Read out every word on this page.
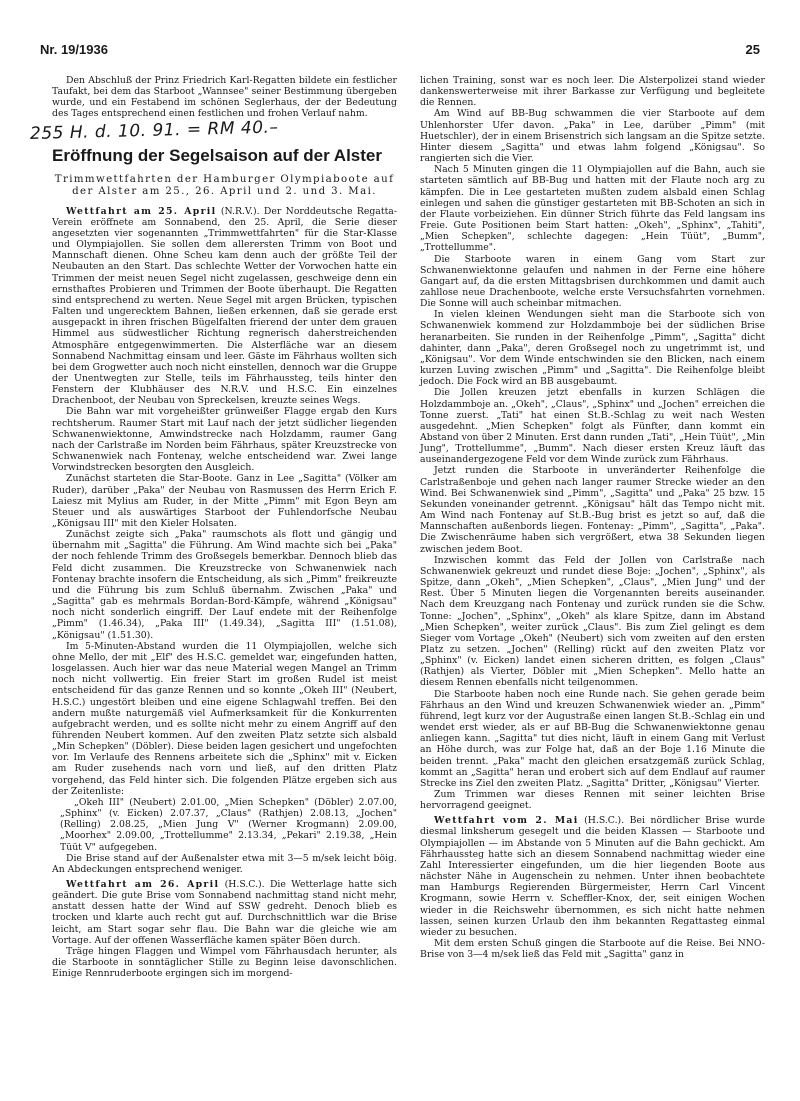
Nr. 19/1936	25

Den Abschluß der Prinz Friedrich Karl-Regatten bildete ein festlicher Taufakt, bei dem das Starboot „Wannsee" seiner Bestimmung übergeben wurde, und ein Festabend im schönen Seglerhaus, der der Bedeutung des Tages entsprechend einen festlichen und frohen Verlauf nahm.

255 H. d. 10. 91. = RM 40.–
Eröffnung der Segelsaison auf der Alster
Trimmwettfahrten der Hamburger Olympiaboote auf der Alster am 25., 26. April und 2. und 3. Mai.

Wettfahrt am 25. April (N.R.V.). Der Norddeutsche Regatta-Verein eröffnete am Sonnabend, den 25. April, die Serie dieser angesetzten vier sogenannten „Trimmwettfahrten" für die Star-Klasse und Olympiajollen. Sie sollen dem allerersten Trimm von Boot und Mannschaft dienen. Ohne Scheu kam denn auch der größte Teil der Neubauten an den Start. Das schlechte Wetter der Vorwochen hatte ein Trimmen der meist neuen Segel nicht zugelassen, geschweige denn ein ernsthaftes Probieren und Trimmen der Boote überhaupt. Die Regatten sind entsprechend zu werten. Neue Segel mit argen Brücken, typischen Falten und ungerecktem Bahnen, ließen erkennen, daß sie gerade erst ausgepackt in ihren frischen Bügelfalten frierend der unter dem grauen Himmel aus südwestlicher Richtung regnerisch daherstreichenden Atmosphäre entgegenwimmerten. Die Alsterfläche war an diesem Sonnabend Nachmittag einsam und leer. Gäste im Fährhaus wollten sich bei dem Grogwetter auch noch nicht einstellen, dennoch war die Gruppe der Unentwegten zur Stelle, teils im Fährhaussteg, teils hinter den Fenstern der Klubhäuser des N.R.V. und H.S.C. Ein einzelnes Drachenboot, der Neubau von Spreckelsen, kreuzte seines Wegs.

Die Bahn war mit vorgeheißter grünweißer Flagge ergab den Kurs rechtsherum. Raumer Start mit Lauf nach der jetzt südlicher liegenden Schwanenwiektonne, Amwindstrecke nach Holzdamm, raumer Gang nach der Carlstraße im Norden beim Fährhaus, später Kreuzstrecke von Schwanenwiek nach Fontenay, welche entscheidend war. Zwei lange Vorwindstrecken besorgten den Ausgleich.

Zunächst starteten die Star-Boote. Ganz in Lee „Sagitta" (Völker am Ruder), darüber „Paka" der Neubau von Rasmussen des Herrn Erich F. Laiesz mit Mylius am Ruder, in der Mitte „Pimm" mit Egon Beyn am Steuer und als auswärtiges Starboot der Fuhlendorfsche Neubau „Königsau III" mit den Kieler Holsaten.

Zunächst zeigte sich „Paka" raumschots als flott und gängig und übernahm mit „Sagitta" die Führung. Am Wind machte sich bei „Paka" der noch fehlende Trimm des Großsegels bemerkbar. Dennoch blieb das Feld dicht zusammen. Die Kreuzstrecke von Schwanenwiek nach Fontenay brachte insofern die Entscheidung, als sich „Pimm" freikreuzte und die Führung bis zum Schluß übernahm. Zwischen „Paka" und „Sagitta" gab es mehrmals Bordan-Bord-Kämpfe, während „Königsau" noch nicht sonderlich eingriff. Der Lauf endete mit der Reihenfolge „Pimm" (1.46.34), „Paka III" (1.49.34), „Sagitta III" (1.51.08), „Königsau" (1.51.30).

Im 5-Minuten-Abstand wurden die 11 Olympiajollen, welche sich ohne Mello, der mit „Elf" des H.S.C. gemeldet war, eingefunden hatten, losgelassen. Auch hier war das neue Material wegen Mangel an Trimm noch nicht vollwertig. Ein freier Start im großen Rudel ist meist entscheidend für das ganze Rennen und so konnte „Okeh III" (Neubert, H.S.C.) ungestört bleiben und eine eigene Schlagwahl treffen. Bei den andern mußte naturgemäß viel Aufmerksamkeit für die Konkurrenten aufgebracht werden, und es sollte nicht mehr zu einem Angriff auf den führenden Neubert kommen. Auf den zweiten Platz setzte sich alsbald „Min Schepken" (Döbler). Diese beiden lagen gesichert und ungefochten vor. Im Verlaufe des Rennens arbeitete sich die „Sphinx" mit v. Eicken am Ruder zusehends nach vorn und ließ, auf den dritten Platz vorgehend, das Feld hinter sich. Die folgenden Plätze ergeben sich aus der Zeitenliste:

„Okeh III" (Neubert) 2.01.00, „Mien Schepken" (Döbler) 2.07.00, „Sphinx" (v. Eicken) 2.07.37, „Claus" (Rathjen) 2.08.13, „Jochen" (Relling) 2.08.25, „Mien Jung V" (Werner Krogmann) 2.09.00, „Moorhex" 2.09.00, „Trottellumme" 2.13.34, „Pekari" 2.19.38, „Hein Tüüt V" aufgegeben.

Die Brise stand auf der Außenalster etwa mit 3—5 m/sek leicht böig. An Abdeckungen entsprechend weniger.

Wettfahrt am 26. April (H.S.C.). Die Wetterlage hatte sich geändert. Die gute Brise vom Sonnabend nachmittag stand nicht mehr, anstatt dessen hatte der Wind auf SSW gedreht. Denoch blieb es trocken und klarte auch recht gut auf. Durchschnittlich war die Brise leicht, am Start sogar sehr flau. Die Bahn war die gleiche wie am Vortage. Auf der offenen Wasserfläche kamen später Böen durch.

Träge hingen Flaggen und Wimpel vom Fährhausdach herunter, als die Starboote in sonntäglicher Stille zu Beginn leise davonschlichen. Einige Rennruderboote ergingen sich im morgend-

lichen Training, sonst war es noch leer. Die Alsterpolizei stand wieder dankenswerterweise mit ihrer Barkasse zur Verfügung und begleitete die Rennen.

Am Wind auf BB-Bug schwammen die vier Starboote auf dem Uhlenhorster Ufer davon. „Paka" in Lee, darüber „Pimm" (mit Huetschler), der in einem Brisenstrich sich langsam an die Spitze setzte. Hinter diesem „Sagitta" und etwas lahm folgend „Königsau". So rangierten sich die Vier.

Nach 5 Minuten gingen die 11 Olympiajollen auf die Bahn, auch sie starteten sämtlich auf BB-Bug und hatten mit der Flaute noch arg zu kämpfen. Die in Lee gestarteten mußten zudem alsbald einen Schlag einlegen und sahen die günstiger gestarteten mit BB-Schoten an sich in der Flaute vorbeiziehen. Ein dünner Strich führte das Feld langsam ins Freie. Gute Positionen beim Start hatten: „Okeh", „Sphinx", „Tahiti", „Mien Schepken", schlechte dagegen: „Hein Tüüt", „Bumm", „Trottellumme".

Die Starboote waren in einem Gang vom Start zur Schwanenwiektonne gelaufen und nahmen in der Ferne eine höhere Gangart auf, da die ersten Mittagsbrisen durchkommen und damit auch zahllose neue Drachenboote, welche erste Versuchsfahrten vornehmen. Die Sonne will auch scheinbar mitmachen.

In vielen kleinen Wendungen sieht man die Starboote sich von Schwanenwiek kommend zur Holzdammboje bei der südlichen Brise heranarbeiten. Sie runden in der Reihenfolge „Pimm", „Sagitta" dicht dahinter, dann „Paka", deren Großsegel noch zu ungetrimmt ist, und „Königsau". Vor dem Winde entschwinden sie den Blicken, nach einem kurzen Luving zwischen „Pimm" und „Sagitta". Die Reihenfolge bleibt jedoch. Die Fock wird an BB ausgebaumt.

Die Jollen kreuzen jetzt ebenfalls in kurzen Schlägen die Holzdammboje an. „Okeh", „Claus", „Sphinx" und „Jochen" erreichen die Tonne zuerst. „Tati" hat einen St.B.-Schlag zu weit nach Westen ausgedehnt. „Mien Schepken" folgt als Fünfter, dann kommt ein Abstand von über 2 Minuten. Erst dann runden „Tati", „Hein Tüüt", „Min Jung", Trottellumme", „Bumm". Nach dieser ersten Kreuz läuft das auseinandergezogene Feld vor dem Winde zurück zum Fährhaus.

Jetzt runden die Starboote in unveränderter Reihenfolge die Carlstraßenboje und gehen nach langer raumer Strecke wieder an den Wind. Bei Schwanenwiek sind „Pimm", „Sagitta" und „Paka" 25 bzw. 15 Sekunden voneinander getrennt. „Königsau" hält das Tempo nicht mit. Am Wind nach Fontenay auf St.B.-Bug brist es jetzt so auf, daß die Mannschaften außenbords liegen. Fontenay: „Pimm", „Sagitta", „Paka". Die Zwischenräume haben sich vergrößert, etwa 38 Sekunden liegen zwischen jedem Boot.

Inzwischen kommt das Feld der Jollen von Carlstraße nach Schwanenwiek gekreuzt und rundet diese Boje: „Jochen", „Sphinx", als Spitze, dann „Okeh", „Mien Schepken", „Claus", „Mien Jung" und der Rest. Über 5 Minuten liegen die Vorgenannten bereits auseinander. Nach dem Kreuzgang nach Fontenay und zurück runden sie die Schw. Tonne: „Jochen", „Sphinx", „Okeh" als klare Spitze, dann im Abstand „Mien Schepken", weiter zurück „Claus". Bis zum Ziel gelingt es dem Sieger vom Vortage „Okeh" (Neubert) sich vom zweiten auf den ersten Platz zu setzen. „Jochen" (Relling) rückt auf den zweiten Platz vor „Sphinx" (v. Eicken) landet einen sicheren dritten, es folgen „Claus" (Rathjen) als Vierter, Döbler mit „Mien Schepken". Mello hatte an diesem Rennen ebenfalls nicht teilgenommen.

Die Starboote haben noch eine Runde nach. Sie gehen gerade beim Fährhaus an den Wind und kreuzen Schwanenwiek wieder an. „Pimm" führend, legt kurz vor der Augustraße einen langen St.B.-Schlag ein und wendet erst wieder, als er auf BB-Bug die Schwanenwiektonne genau anliegen kann. „Sagitta" tut dies nicht, läuft in einem Gang mit Verlust an Höhe durch, was zur Folge hat, daß an der Boje 1.16 Minute die beiden trennt. „Paka" macht den gleichen ersatzgemäß zurück Schlag, kommt an „Sagitta" heran und erobert sich auf dem Endlauf auf raumer Strecke ins Ziel den zweiten Platz. „Sagitta" Dritter, „Königsau" Vierter.

Zum Trimmen war dieses Rennen mit seiner leichten Brise hervorragend geeignet.

Wettfahrt vom 2. Mai (H.S.C.). Bei nördlicher Brise wurde diesmal linksherum gesegelt und die beiden Klassen — Starboote und Olympiajollen — im Abstande von 5 Minuten auf die Bahn gechickt. Am Fährhaussteg hatte sich an diesem Sonnabend nachmittag wieder eine Zahl Interessierter eingefunden, um die hier liegenden Boote aus nächster Nähe in Augenschein zu nehmen. Unter ihnen beobachtete man Hamburgs Regierenden Bürgermeister, Herrn Carl Vincent Krogmann, sowie Herrn v. Scheffler-Knox, der, seit einigen Wochen wieder in die Reichswehr übernommen, es sich nicht hatte nehmen lassen, seinen kurzen Urlaub den ihm bekannten Regattasteg einmal wieder zu besuchen.

Mit dem ersten Schuß gingen die Starboote auf die Reise. Bei NNO-Brise von 3—4 m/sek ließ das Feld mit „Sagitta" ganz in
